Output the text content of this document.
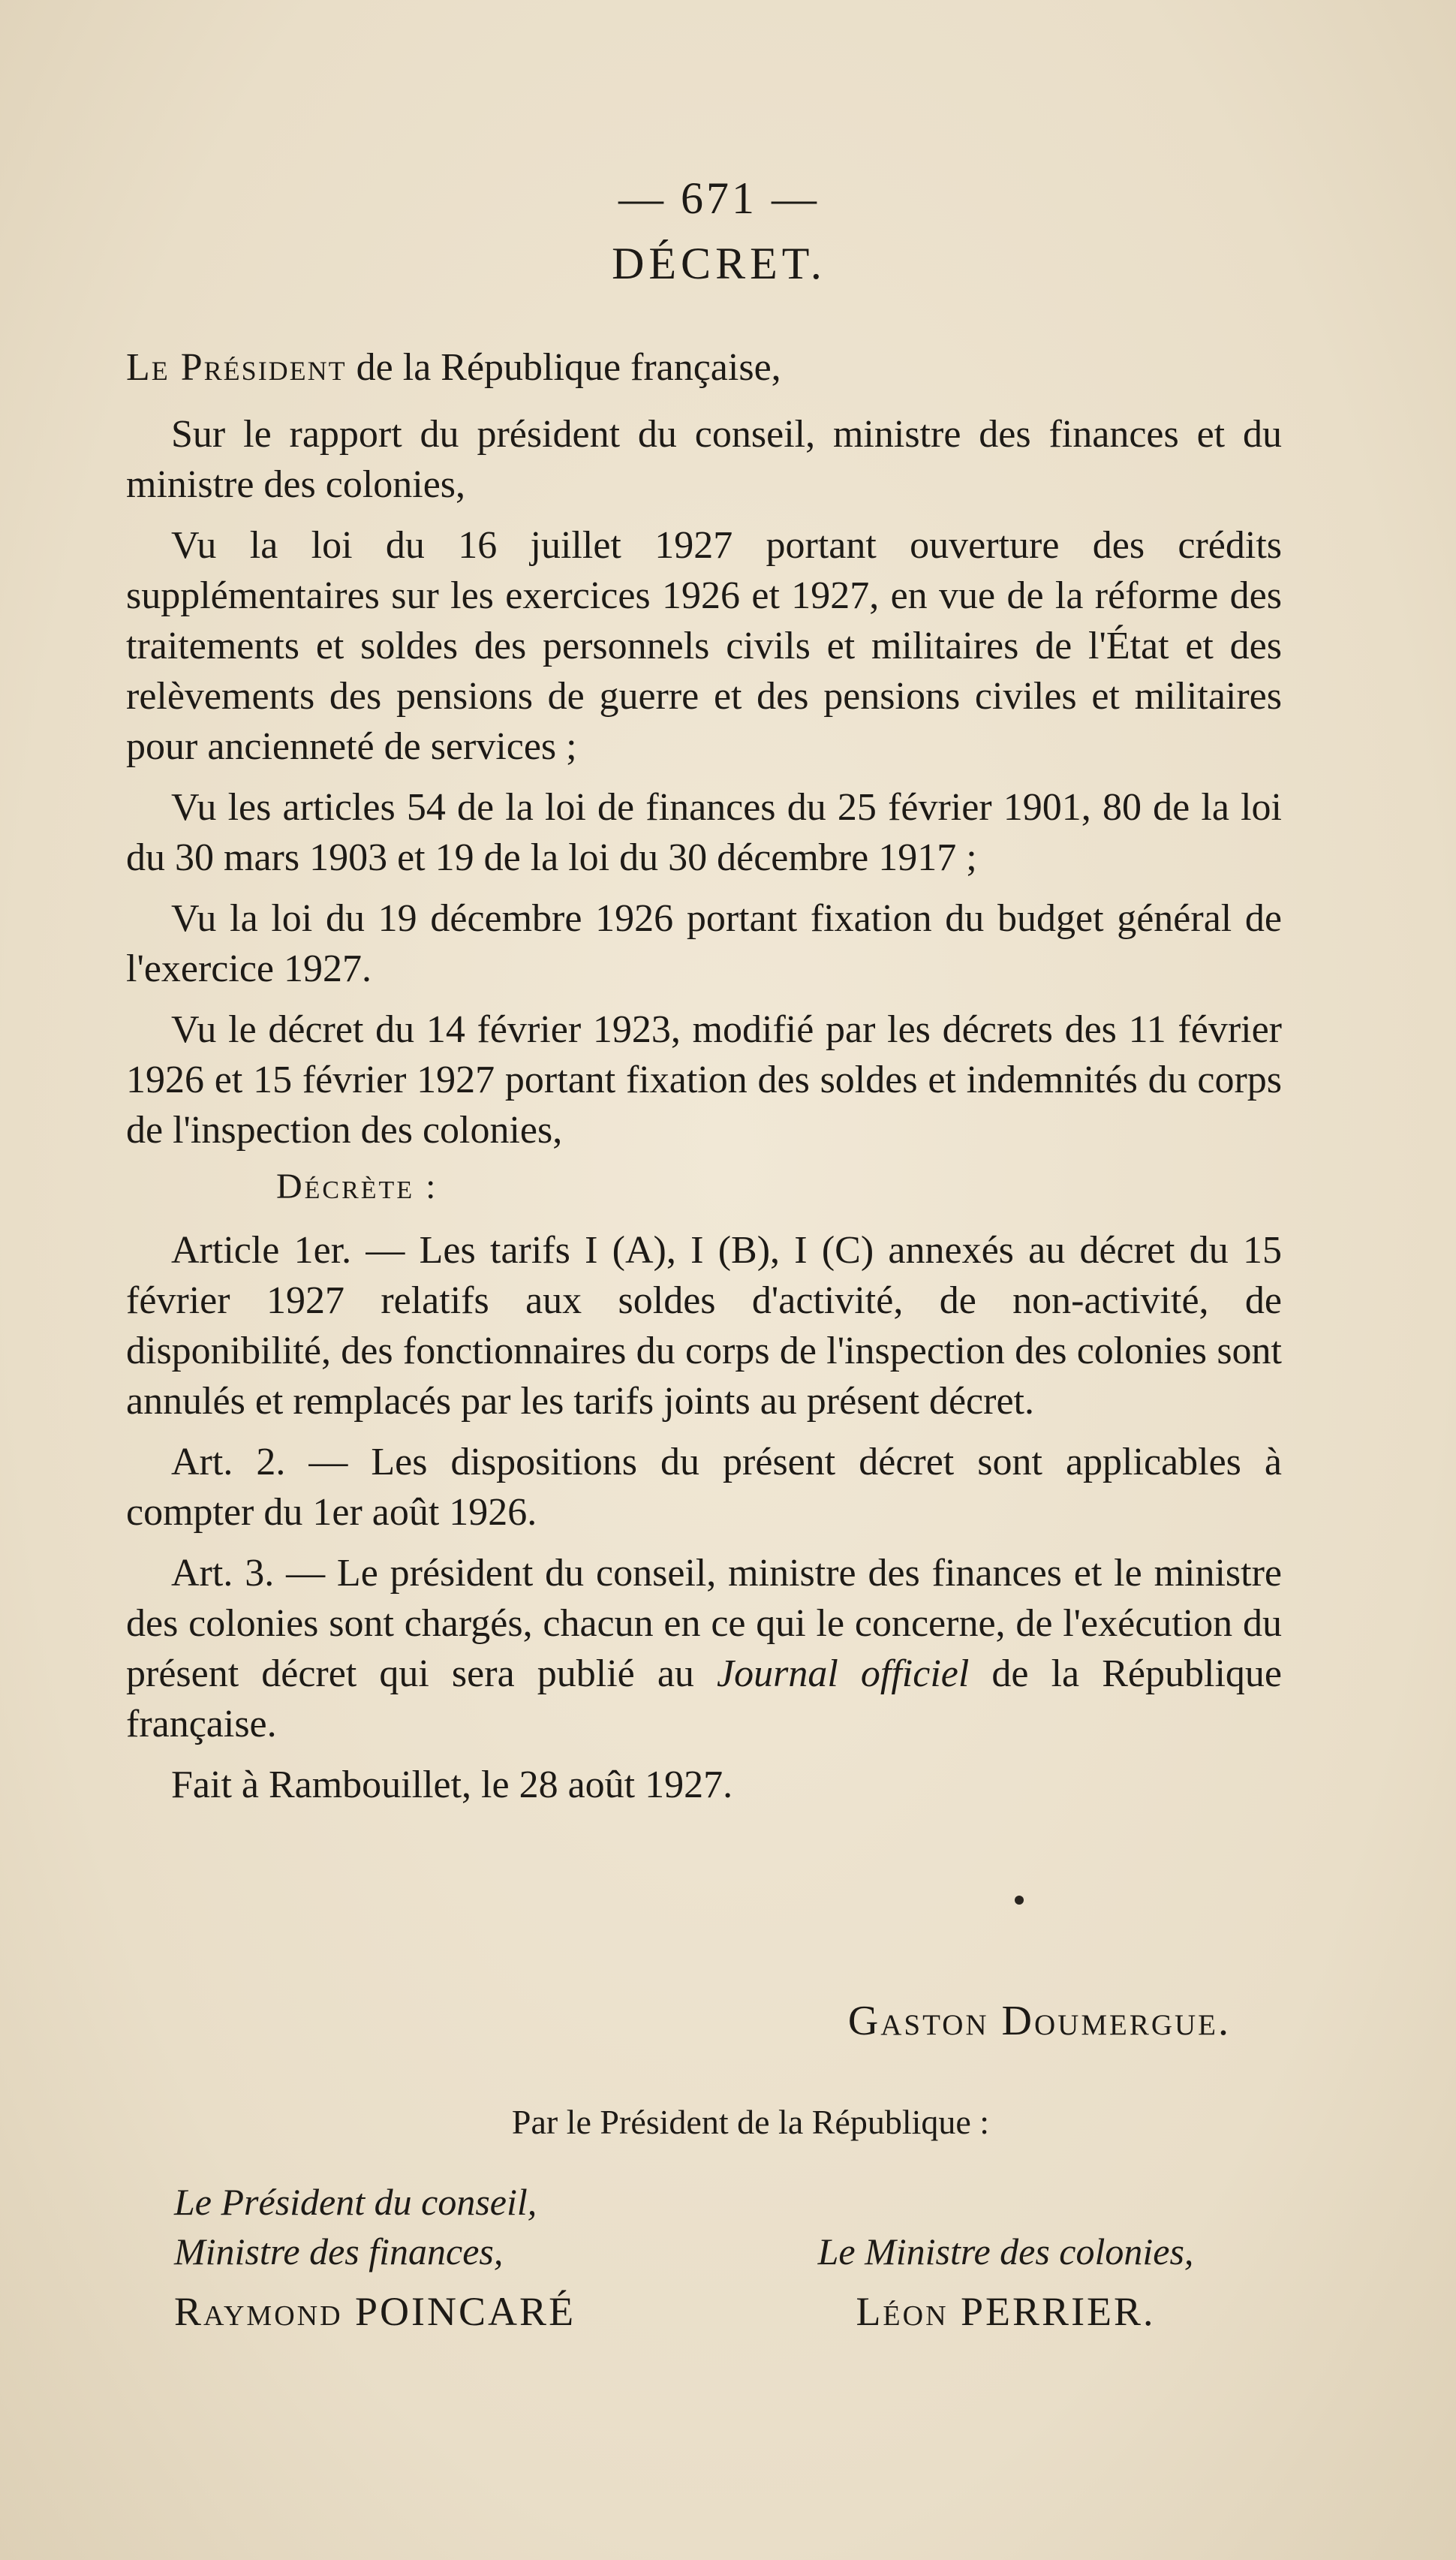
— 671 —
DÉCRET.

Le Président de la République française,

Sur le rapport du président du conseil, ministre des finances et du ministre des colonies,

Vu la loi du 16 juillet 1927 portant ouverture des crédits supplémentaires sur les exercices 1926 et 1927, en vue de la réforme des traitements et soldes des personnels civils et militaires de l'État et des relèvements des pensions de guerre et des pensions civiles et militaires pour ancienneté de services ;

Vu les articles 54 de la loi de finances du 25 février 1901, 80 de la loi du 30 mars 1903 et 19 de la loi du 30 décembre 1917 ;

Vu la loi du 19 décembre 1926 portant fixation du budget général de l'exercice 1927.

Vu le décret du 14 février 1923, modifié par les décrets des 11 février 1926 et 15 février 1927 portant fixation des soldes et indemnités du corps de l'inspection des colonies,

Décrète :

Article 1er. — Les tarifs I (A), I (B), I (C) annexés au décret du 15 février 1927 relatifs aux soldes d'activité, de non-activité, de disponibilité, des fonctionnaires du corps de l'inspection des colonies sont annulés et remplacés par les tarifs joints au présent décret.

Art. 2. — Les dispositions du présent décret sont applicables à compter du 1er août 1926.

Art. 3. — Le président du conseil, ministre des finances et le ministre des colonies sont chargés, chacun en ce qui le concerne, de l'exécution du présent décret qui sera publié au Journal officiel de la République française.

Fait à Rambouillet, le 28 août 1927.

Gaston Doumergue.
Par le Président de la République :
Le Président du conseil,
Ministre des finances,
Raymond POINCARÉ
Le Ministre des colonies,
Léon PERRIER.
